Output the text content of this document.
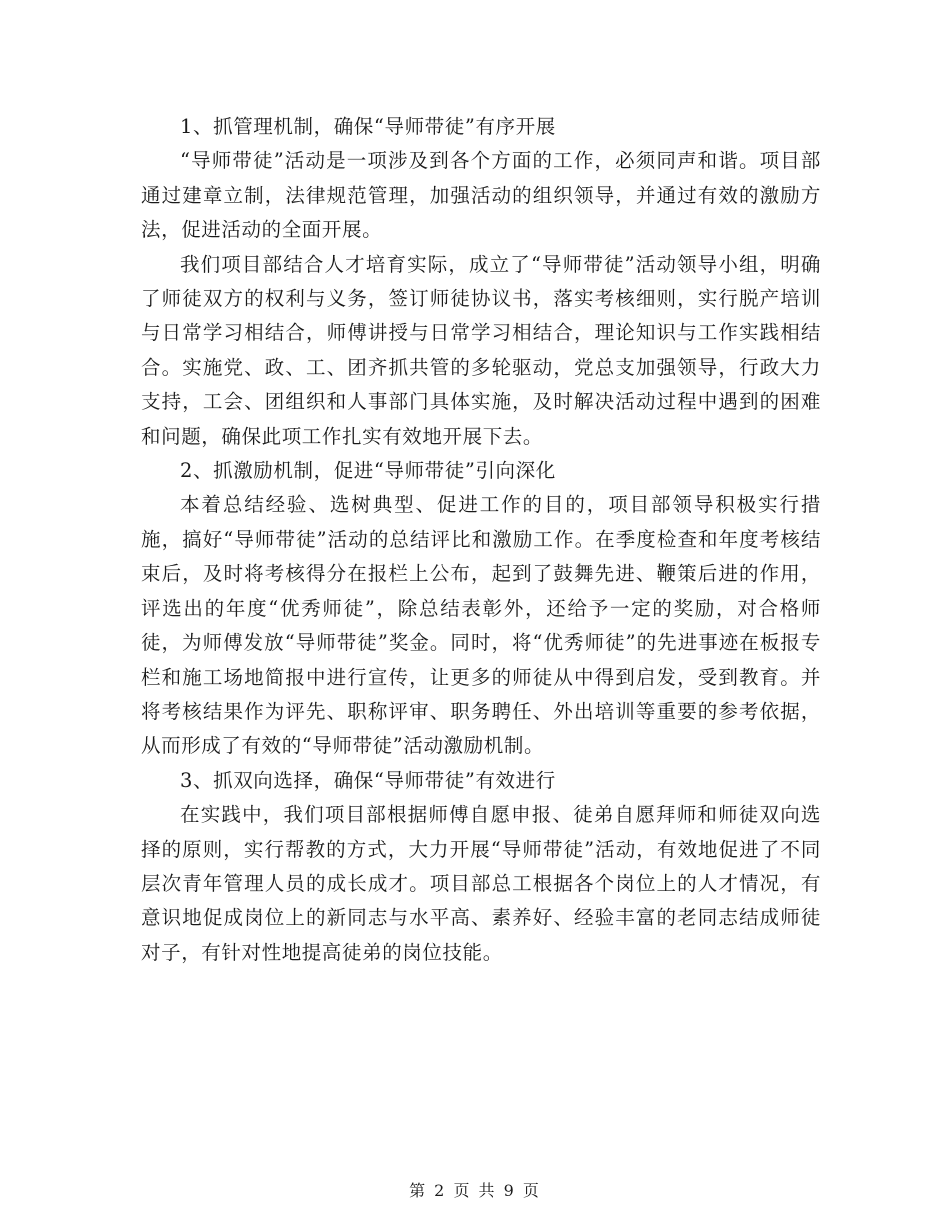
1、抓管理机制，确保“导师带徒”有序开展

“导师带徒”活动是一项涉及到各个方面的工作，必须同声和谐。项目部通过建章立制，法律规范管理，加强活动的组织领导，并通过有效的激励方法，促进活动的全面开展。

我们项目部结合人才培育实际，成立了“导师带徒”活动领导小组，明确了师徒双方的权利与义务，签订师徒协议书，落实考核细则，实行脱产培训与日常学习相结合，师傅讲授与日常学习相结合，理论知识与工作实践相结合。实施党、政、工、团齐抓共管的多轮驱动，党总支加强领导，行政大力支持，工会、团组织和人事部门具体实施，及时解决活动过程中遇到的困难和问题，确保此项工作扎实有效地开展下去。

2、抓激励机制，促进“导师带徒”引向深化

本着总结经验、选树典型、促进工作的目的，项目部领导积极实行措施，搞好“导师带徒”活动的总结评比和激励工作。在季度检查和年度考核结束后，及时将考核得分在报栏上公布，起到了鼓舞先进、鞭策后进的作用，评选出的年度“优秀师徒”，除总结表彰外，还给予一定的奖励，对合格师徒，为师傅发放“导师带徒”奖金。同时，将“优秀师徒”的先进事迹在板报专栏和施工场地简报中进行宣传，让更多的师徒从中得到启发，受到教育。并将考核结果作为评先、职称评审、职务聘任、外出培训等重要的参考依据，从而形成了有效的“导师带徒”活动激励机制。

3、抓双向选择，确保“导师带徒”有效进行

在实践中，我们项目部根据师傅自愿申报、徒弟自愿拜师和师徒双向选择的原则，实行帮教的方式，大力开展“导师带徒”活动，有效地促进了不同层次青年管理人员的成长成才。项目部总工根据各个岗位上的人才情况，有意识地促成岗位上的新同志与水平高、素养好、经验丰富的老同志结成师徒对子，有针对性地提高徒弟的岗位技能。

第 2 页 共 9 页
